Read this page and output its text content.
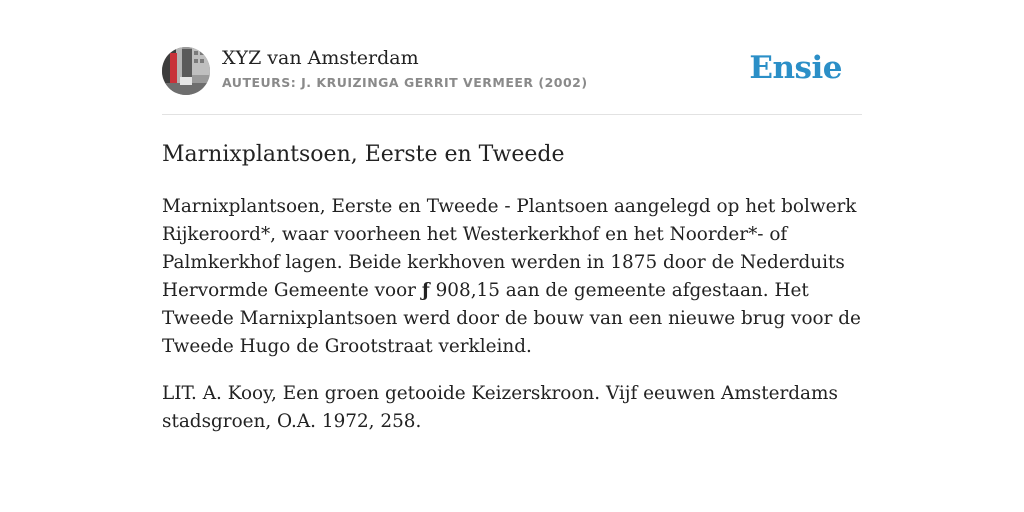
XYZ van Amsterdam
AUTEURS: J. KRUIZINGA GERRIT VERMEER (2002)	Ensie
Marnixplantsoen, Eerste en Tweede

Marnixplantsoen, Eerste en Tweede - Plantsoen aangelegd op het bolwerk Rijkeroord*, waar voorheen het Westerkerkhof en het Noorder*- of Palmkerkhof lagen. Beide kerkhoven werden in 1875 door de Nederduits Hervormde Gemeente voor ƒ 908,15 aan de gemeente afgestaan. Het Tweede Marnixplantsoen werd door de bouw van een nieuwe brug voor de Tweede Hugo de Grootstraat verkleind.

LIT. A. Kooy, Een groen getooide Keizerskroon. Vijf eeuwen Amsterdams stadsgroen, O.A. 1972, 258.
